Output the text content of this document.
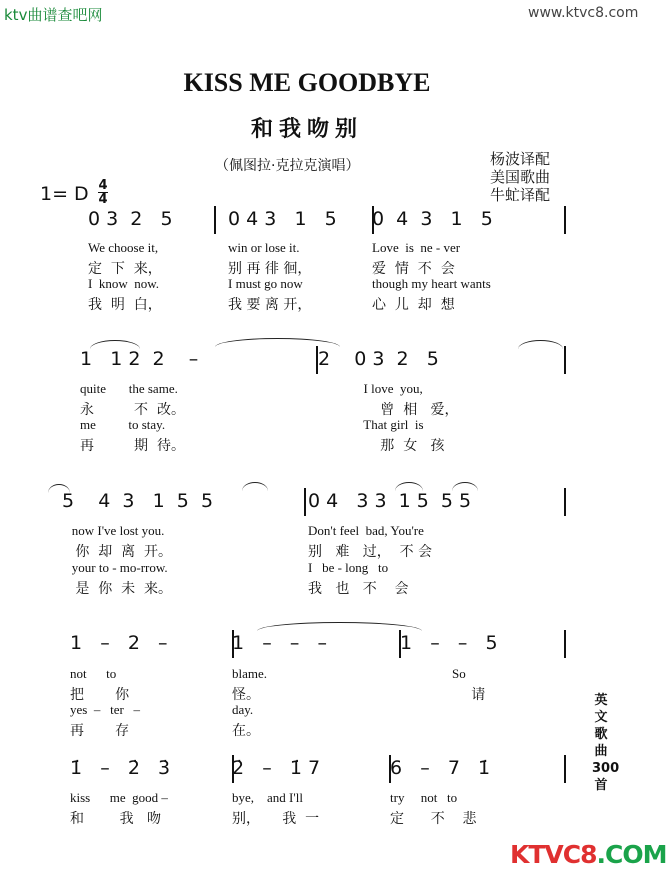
ktv曲谱查吧网	www.ktvc8.com
KISS ME GOODBYE
和我吻别
（佩图拉·克拉克演唱）	杨波译配
美国歌曲
牛虻译配
1= D 4
4
0 3  2   5
We choose it,
定  下  来，
I  know  now.
我  明  白，
0 4 3   1   5
win or lose it.
别 再 徘 徊，
I must go now
我 要 离 开，
0  4  3   1   5
Love  is  ne - ver
爱  情  不  会
though my heart wants
心  儿  却  想
1   1 2  2    –
quite       the same.
永         不  改。
me          to stay.
再         期  待。
2    0 3  2   5
I love  you,
曾  相   爱，
That girl  is
那  女   孩
5    4  3   1  5  5
now I've lost you.
你  却  离  开。
your to - mo-rrow.
是  你  未  来。
0 4   3 3  1 5  5 5
Don't feel  bad, You're
别   难   过，  不 会
I   be - long   to
我   也   不    会
1   –   2   –
not      to
把       你
yes  –   ter   –
再       存
1   –   –   –
blame.
怪。
day.
在。
1   –   –   5
So
请
1̇   –   2̇   3̇
kiss      me  good –
和        我   吻
2̇   –   1̇ 7
bye,    and I'll
别，     我  一
6   –   7   1̇
try     not   to
定      不    悲
英文歌曲300首
KTVC8.COM
